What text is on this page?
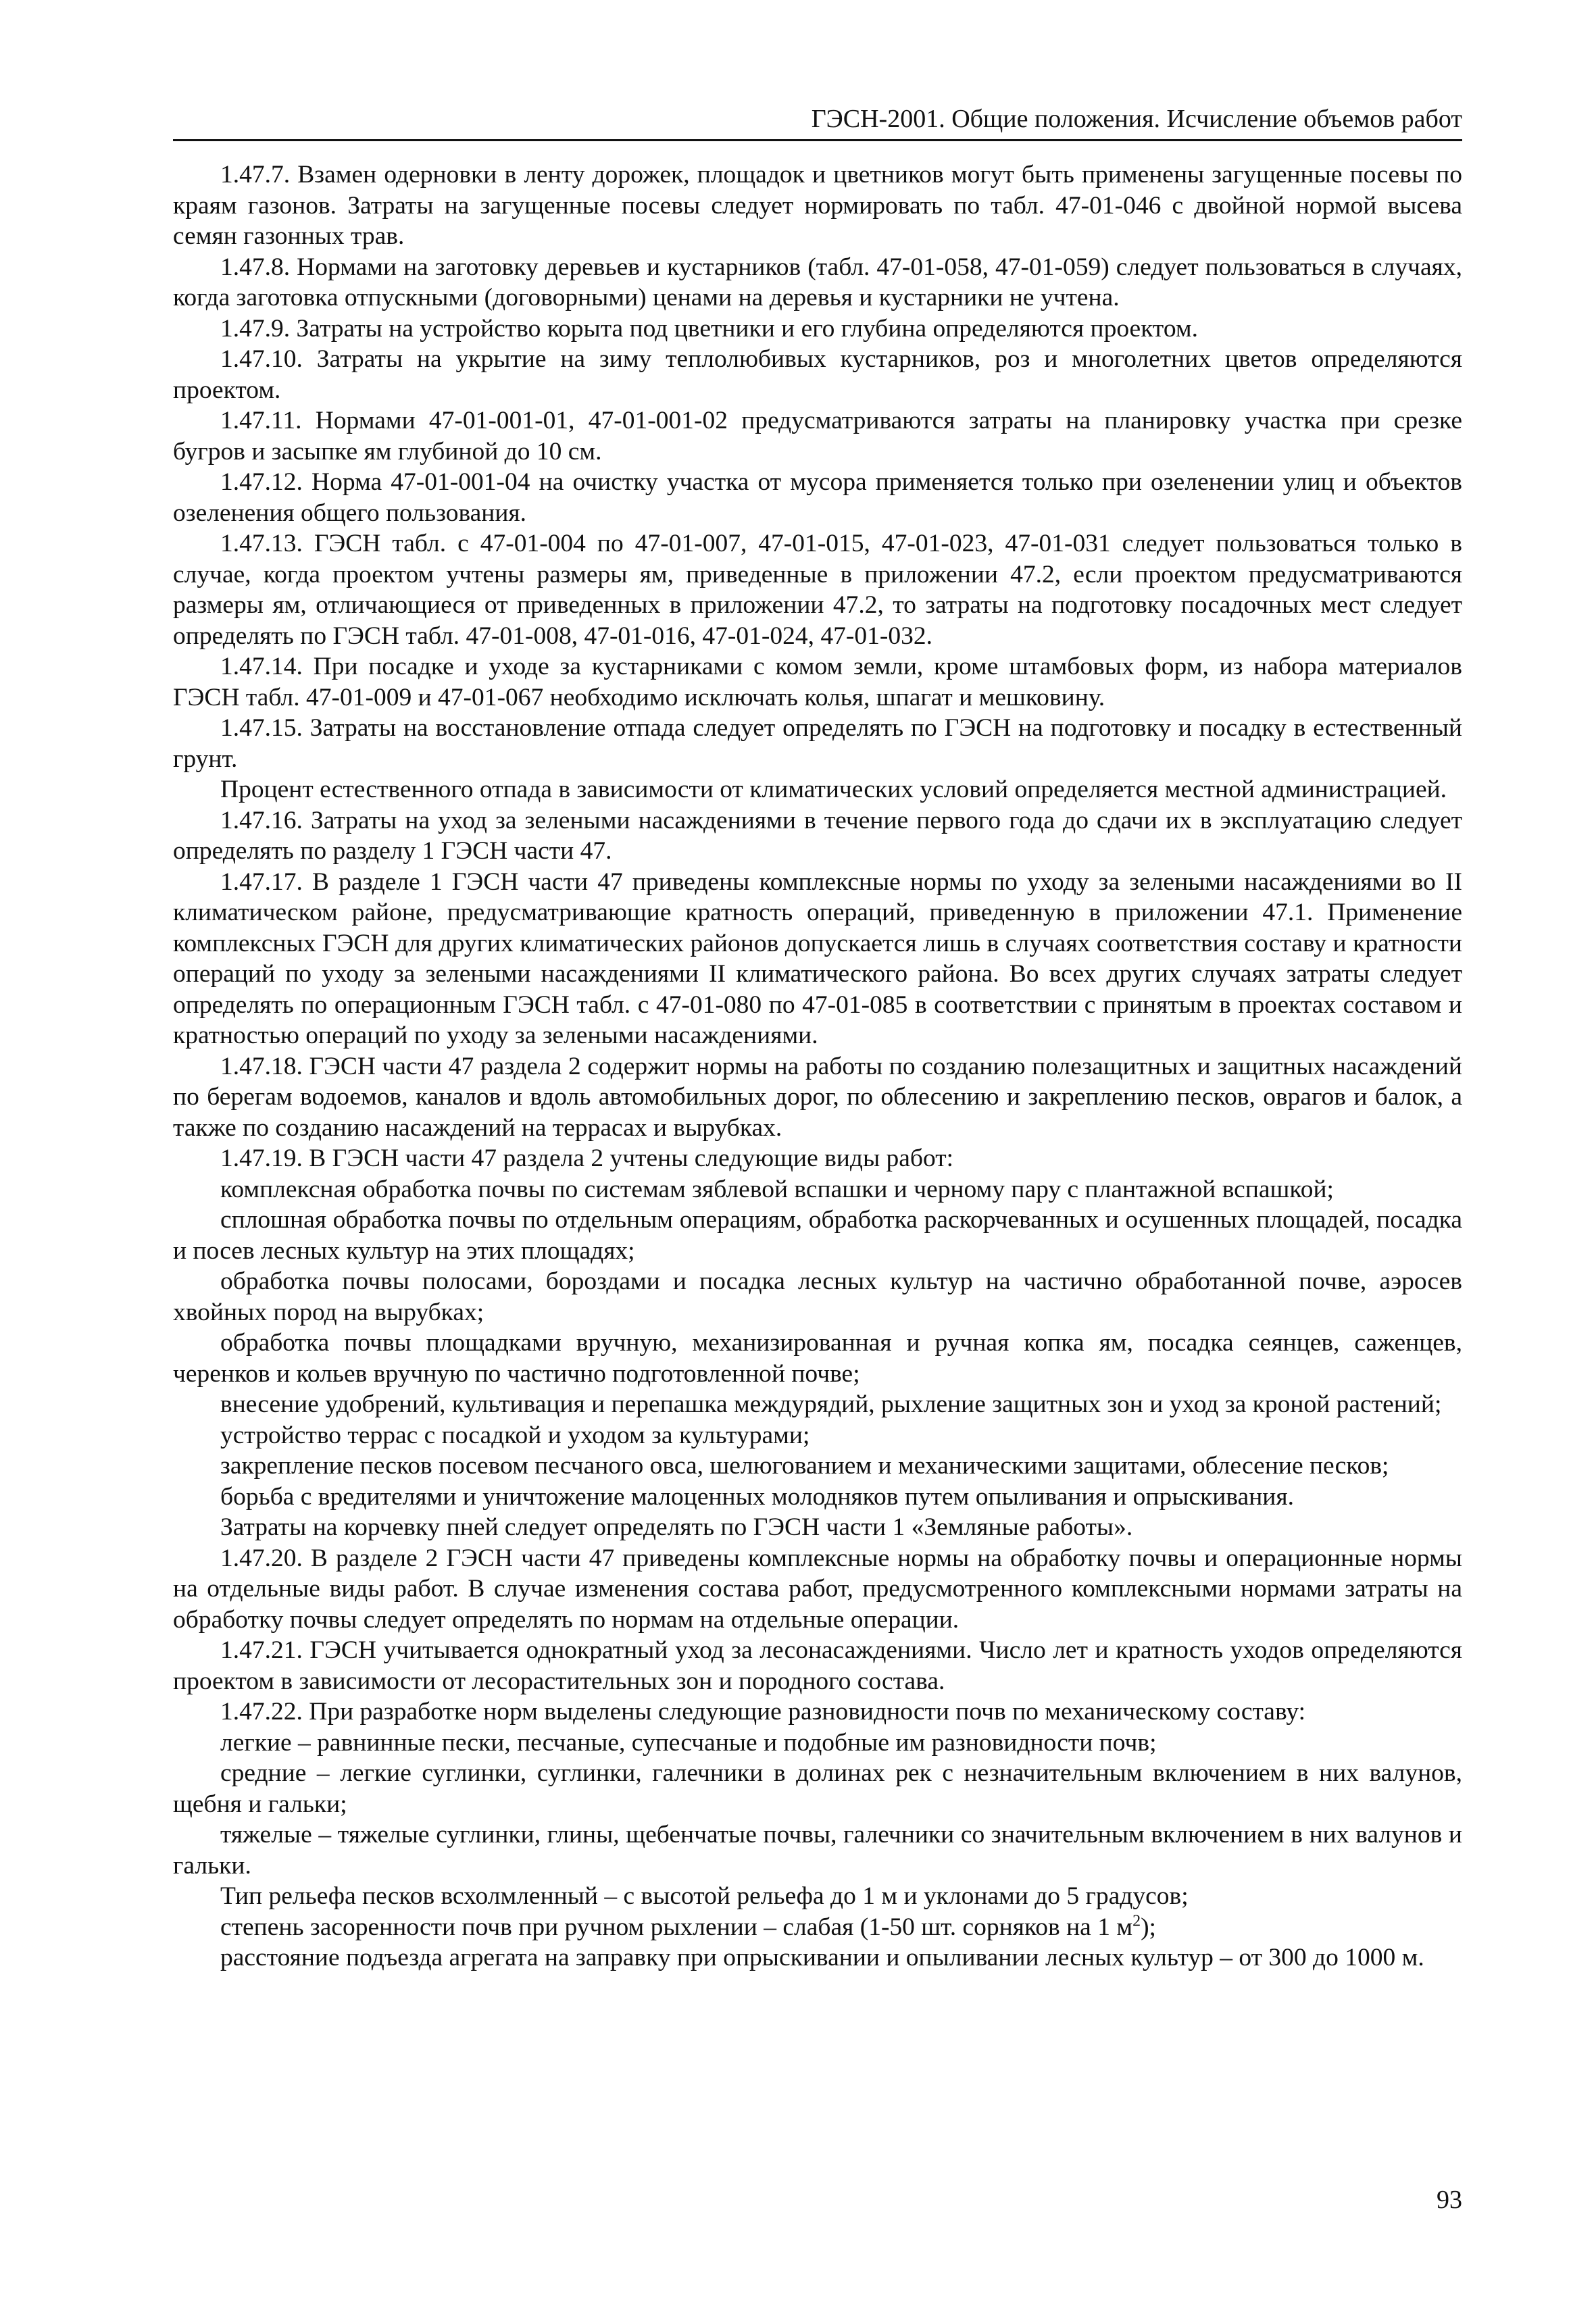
ГЭСН-2001. Общие положения. Исчисление объемов работ

1.47.7. Взамен одерновки в ленту дорожек, площадок и цветников могут быть применены загущенные посевы по краям газонов. Затраты на загущенные посевы следует нормировать по табл. 47-01-046 с двойной нормой высева семян газонных трав.

1.47.8. Нормами на заготовку деревьев и кустарников (табл. 47-01-058, 47-01-059) следует пользоваться в случаях, когда заготовка отпускными (договорными) ценами на деревья и кустарники не учтена.

1.47.9. Затраты на устройство корыта под цветники и его глубина определяются проектом.

1.47.10. Затраты на укрытие на зиму теплолюбивых кустарников, роз и многолетних цветов определяются проектом.

1.47.11. Нормами 47-01-001-01, 47-01-001-02 предусматриваются затраты на планировку участка при срезке бугров и засыпке ям глубиной до 10 см.

1.47.12. Норма 47-01-001-04 на очистку участка от мусора применяется только при озеленении улиц и объектов озеленения общего пользования.

1.47.13. ГЭСН табл. с 47-01-004 по 47-01-007, 47-01-015, 47-01-023, 47-01-031 следует пользоваться только в случае, когда проектом учтены размеры ям, приведенные в приложении 47.2, если проектом предусматриваются размеры ям, отличающиеся от приведенных в приложении 47.2, то затраты на подготовку посадочных мест следует определять по ГЭСН табл. 47-01-008, 47-01-016, 47-01-024, 47-01-032.

1.47.14. При посадке и уходе за кустарниками с комом земли, кроме штамбовых форм, из набора материалов ГЭСН табл. 47-01-009 и 47-01-067 необходимо исключать колья, шпагат и мешковину.

1.47.15. Затраты на восстановление отпада следует определять по ГЭСН на подготовку и посадку в естественный грунт.

Процент естественного отпада в зависимости от климатических условий определяется местной администрацией.

1.47.16. Затраты на уход за зелеными насаждениями в течение первого года до сдачи их в эксплуатацию следует определять по разделу 1 ГЭСН части 47.

1.47.17. В разделе 1 ГЭСН части 47 приведены комплексные нормы по уходу за зелеными насаждениями во II климатическом районе, предусматривающие кратность операций, приведенную в приложении 47.1. Применение комплексных ГЭСН для других климатических районов допускается лишь в случаях соответствия составу и кратности операций по уходу за зелеными насаждениями II климатического района. Во всех других случаях затраты следует определять по операционным ГЭСН табл. с 47-01-080 по 47-01-085 в соответствии с принятым в проектах составом и кратностью операций по уходу за зелеными насаждениями.

1.47.18. ГЭСН части 47 раздела 2 содержит нормы на работы по созданию полезащитных и защитных насаждений по берегам водоемов, каналов и вдоль автомобильных дорог, по облесению и закреплению песков, оврагов и балок, а также по созданию насаждений на террасах и вырубках.

1.47.19. В ГЭСН части 47 раздела 2 учтены следующие виды работ:

комплексная обработка почвы по системам зяблевой вспашки и черному пару с плантажной вспашкой;

сплошная обработка почвы по отдельным операциям, обработка раскорчеванных и осушенных площадей, посадка и посев лесных культур на этих площадях;

обработка почвы полосами, бороздами и посадка лесных культур на частично обработанной почве, аэросев хвойных пород на вырубках;

обработка почвы площадками вручную, механизированная и ручная копка ям, посадка сеянцев, саженцев, черенков и кольев вручную по частично подготовленной почве;

внесение удобрений, культивация и перепашка междурядий, рыхление защитных зон и уход за кроной растений;

устройство террас с посадкой и уходом за культурами;

закрепление песков посевом песчаного овса, шелюгованием и механическими защитами, облесение песков;

борьба с вредителями и уничтожение малоценных молодняков путем опыливания и опрыскивания.

Затраты на корчевку пней следует определять по ГЭСН части 1 «Земляные работы».

1.47.20. В разделе 2 ГЭСН части 47 приведены комплексные нормы на обработку почвы и операционные нормы на отдельные виды работ. В случае изменения состава работ, предусмотренного комплексными нормами затраты на обработку почвы следует определять по нормам на отдельные операции.

1.47.21. ГЭСН учитывается однократный уход за лесонасаждениями. Число лет и кратность уходов определяются проектом в зависимости от лесорастительных зон и породного состава.

1.47.22. При разработке норм выделены следующие разновидности почв по механическому составу:

легкие – равнинные пески, песчаные, супесчаные и подобные им разновидности почв;

средние – легкие суглинки, суглинки, галечники в долинах рек с незначительным включением в них валунов, щебня и гальки;

тяжелые – тяжелые суглинки, глины, щебенчатые почвы, галечники со значительным включением в них валунов и гальки.

Тип рельефа песков всхолмленный – с высотой рельефа до 1 м и уклонами до 5 градусов;

степень засоренности почв при ручном рыхлении – слабая (1-50 шт. сорняков на 1 $м^2$);

расстояние подъезда агрегата на заправку при опрыскивании и опыливании лесных культур – от 300 до 1000 м.

93
